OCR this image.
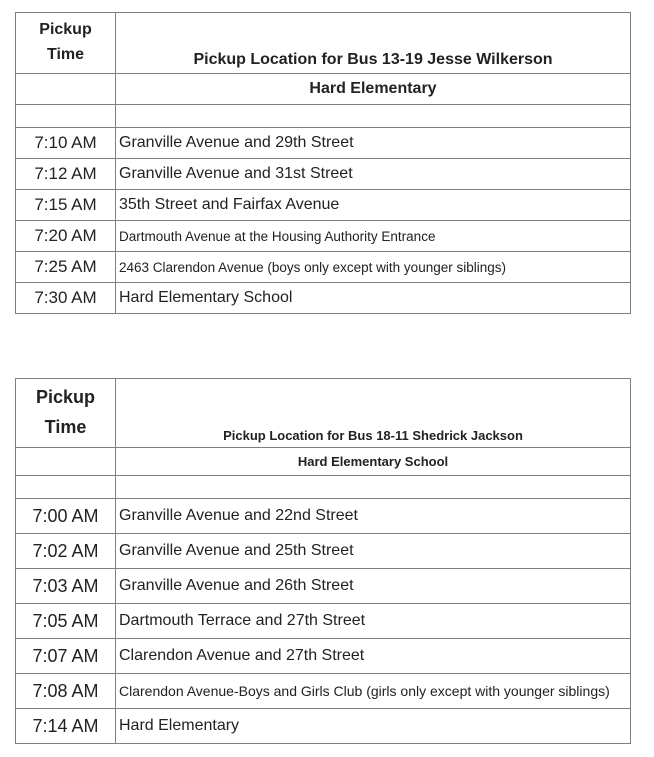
Pickup
Time	Pickup Location for Bus 13-19 Jesse Wilkerson
	Hard Elementary

7:10 AM	Granville Avenue and 29th Street
7:12 AM	Granville Avenue and 31st Street
7:15 AM	35th Street and Fairfax Avenue
7:20 AM	Dartmouth Avenue at the Housing Authority Entrance
7:25 AM	2463 Clarendon Avenue (boys only except with younger siblings)
7:30 AM	Hard Elementary School
Pickup
Time	Pickup Location for Bus 18-11 Shedrick Jackson
	Hard Elementary School

7:00 AM	Granville Avenue and 22nd Street
7:02 AM	Granville Avenue and 25th Street
7:03 AM	Granville Avenue and 26th Street
7:05 AM	Dartmouth Terrace and 27th Street
7:07 AM	Clarendon Avenue and 27th Street
7:08 AM	Clarendon Avenue-Boys and Girls Club (girls only except with younger siblings)
7:14 AM	Hard Elementary
